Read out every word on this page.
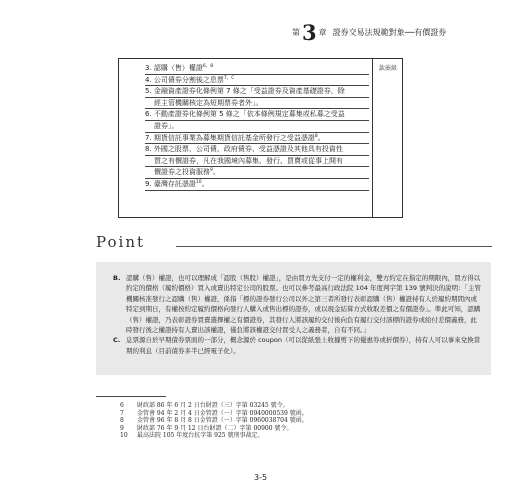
第 3 章 證券交易法規範對象 ── 有價證券
鈦嵌級
3. 認購（售）權證$^{6、8}$
4. 公司債券分割後之息票$^{7、C}$
5. 金融資產證券化條例第 7 條之「受益證券及資產基礎證券，除
經主管機關核定為短期票券者外」。
6. 不動產證券化條例第 5 條之「依本條例規定募集或私募之受益
證券」。
7. 期貨信託事業為募集期貨信託基金所發行之受益憑證$^8$。
8. 外國之股票、公司債、政府債券、受益憑證及其他具有投資性
質之有價證券，凡在我國境內募集、發行、買賣或從事上開有
價證券之投資服務$^9$。
9. 臺灣存託憑證$^{10}$。
Point
B. 認購（售）權證，也可以理解成「認股（售股）權證」，是由買方先支付一定的權利金，雙方約定在指定的期限內，買方得以約定的價格（履約價格）買入或賣出特定公司的股票。也可以參考最高行政法院 104 年度判字第 139 號判決的說明：「主管機關核准發行之認購（售）權證，係指「標的證券發行公司以外之第三者所發行表彰認購（售）權證持有人於履約期間內或特定到期日，有權按約定履約價格向發行人購入或售出標的證券，或以現金結算方式收取差價之有價證券」。準此可知，認購（售）權證，乃表彰證券買賣選擇權之有價證券，其發行人將該履約交付後向負有履行交付該標的證券或給付差價義務，此時發行後之權證持有人賣出該權證，僅負將該權證交付買受人之義務者，自有不同。」
C. 息票源自於早期債券票面的一部分，概念源於 coupon（可以從紙張上收據剪下的優惠券或折價券），持有人可以事來兌換當期的利息（目前債券多半已經電子化）。
6	財政部 86 年 6 月 2 日台財證（三）字第 03245 號令。
7	金管會 94 年 2 月 4 日金管證（一）字第 0940000539 號函。
8	金管會 96 年 8 月 8 日金管證（一）字第 0960038704 號函。
9	財政部 76 年 9 月 12 日台財證（二）字第 00900 號令。
10	最高法院 105 年度台抗字第 925 號刑事裁定。
3-5
